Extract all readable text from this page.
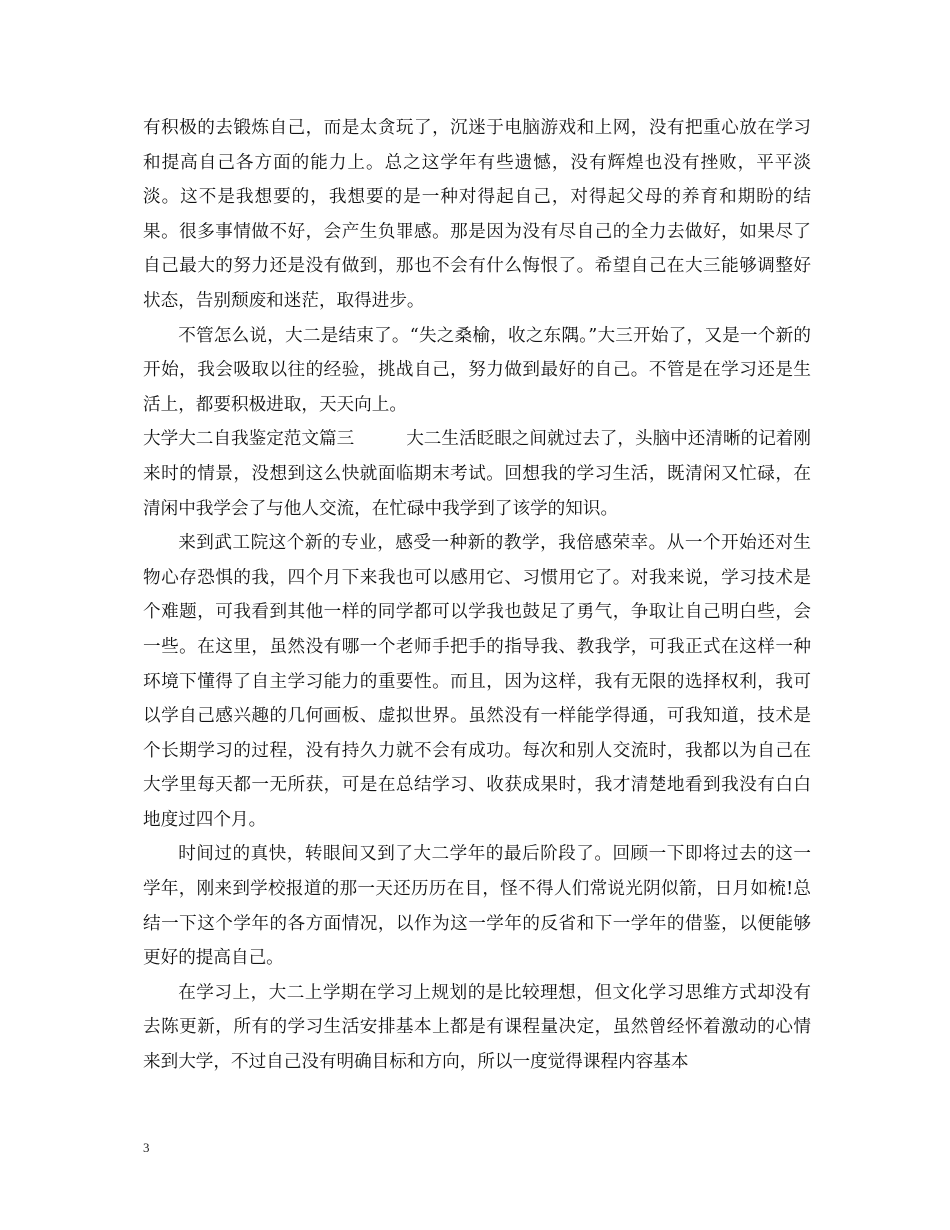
有积极的去锻炼自己，而是太贪玩了，沉迷于电脑游戏和上网，没有把重心放在学习和提高自己各方面的能力上。总之这学年有些遗憾，没有辉煌也没有挫败，平平淡淡。这不是我想要的，我想要的是一种对得起自己，对得起父母的养育和期盼的结果。很多事情做不好，会产生负罪感。那是因为没有尽自己的全力去做好，如果尽了自己最大的努力还是没有做到，那也不会有什么悔恨了。希望自己在大三能够调整好状态，告别颓废和迷茫，取得进步。

不管怎么说，大二是结束了。“失之桑榆，收之东隅。”大三开始了，又是一个新的开始，我会吸取以往的经验，挑战自己，努力做到最好的自己。不管是在学习还是生活上，都要积极进取，天天向上。

大学大二自我鉴定范文篇三	大二生活眨眼之间就过去了，头脑中还清晰的记着刚来时的情景，没想到这么快就面临期末考试。回想我的学习生活，既清闲又忙碌，在清闲中我学会了与他人交流，在忙碌中我学到了该学的知识。

来到武工院这个新的专业，感受一种新的教学，我倍感荣幸。从一个开始还对生物心存恐惧的我，四个月下来我也可以感用它、习惯用它了。对我来说，学习技术是个难题，可我看到其他一样的同学都可以学我也鼓足了勇气，争取让自己明白些，会一些。在这里，虽然没有哪一个老师手把手的指导我、教我学，可我正式在这样一种环境下懂得了自主学习能力的重要性。而且，因为这样，我有无限的选择权利，我可以学自己感兴趣的几何画板、虚拟世界。虽然没有一样能学得通，可我知道，技术是个长期学习的过程，没有持久力就不会有成功。每次和别人交流时，我都以为自己在大学里每天都一无所获，可是在总结学习、收获成果时，我才清楚地看到我没有白白地度过四个月。

时间过的真快，转眼间又到了大二学年的最后阶段了。回顾一下即将过去的这一学年，刚来到学校报道的那一天还历历在目，怪不得人们常说光阴似箭，日月如梳!总结一下这个学年的各方面情况，以作为这一学年的反省和下一学年的借鉴，以便能够更好的提高自己。

在学习上，大二上学期在学习上规划的是比较理想，但文化学习思维方式却没有去陈更新，所有的学习生活安排基本上都是有课程量决定，虽然曾经怀着激动的心情来到大学，不过自己没有明确目标和方向，所以一度觉得课程内容基本

3
